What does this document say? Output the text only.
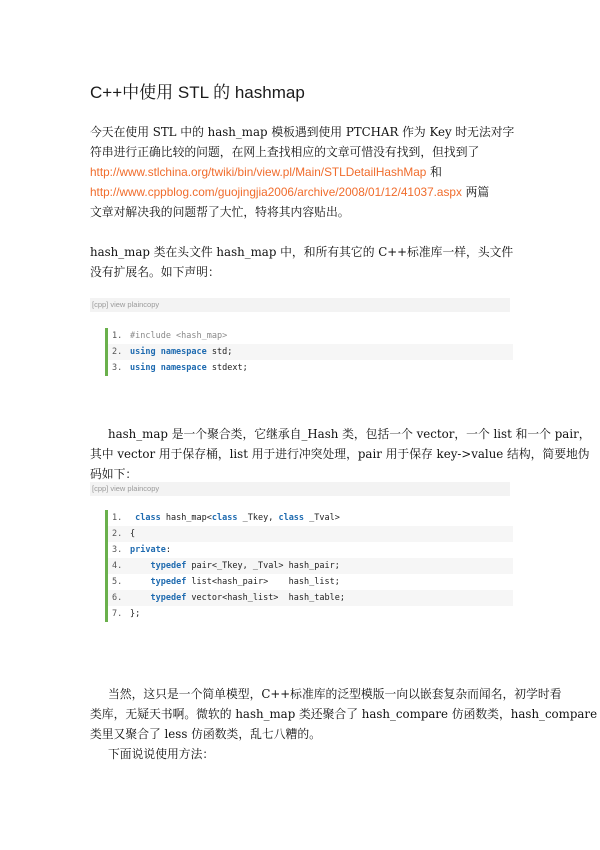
C++中使用 STL 的 hashmap
今天在使用 STL 中的 hash_map 模板遇到使用 PTCHAR 作为 Key 时无法对字
符串进行正确比较的问题，在网上查找相应的文章可惜没有找到，但找到了
http://www.stlchina.org/twiki/bin/view.pl/Main/STLDetailHashMap 和
http://www.cppblog.com/guojingjia2006/archive/2008/01/12/41037.aspx 两篇
文章对解决我的问题帮了大忙，特将其内容贴出。
hash_map 类在头文件 hash_map 中，和所有其它的 C++标准库一样，头文件
没有扩展名。如下声明：
[cpp] view plaincopy
1. #include <hash_map>
2. using namespace std;
3. using namespace stdext;
hash_map 是一个聚合类，它继承自_Hash 类，包括一个 vector，一个 list 和一个 pair，
其中 vector 用于保存桶，list 用于进行冲突处理，pair 用于保存 key->value 结构，简要地伪
码如下：
[cpp] view plaincopy
1. class hash_map<class _Tkey, class _Tval>
2. {
3. private:
4.	typedef pair<_Tkey, _Tval> hash_pair;
5.	typedef list<hash_pair>    hash_list;
6.	typedef vector<hash_list>  hash_table;
7. };
当然，这只是一个简单模型，C++标准库的泛型模版一向以嵌套复杂而闻名，初学时看
类库，无疑天书啊。微软的 hash_map 类还聚合了 hash_compare 仿函数类，hash_compare
类里又聚合了 less 仿函数类，乱七八糟的。
下面说说使用方法：
